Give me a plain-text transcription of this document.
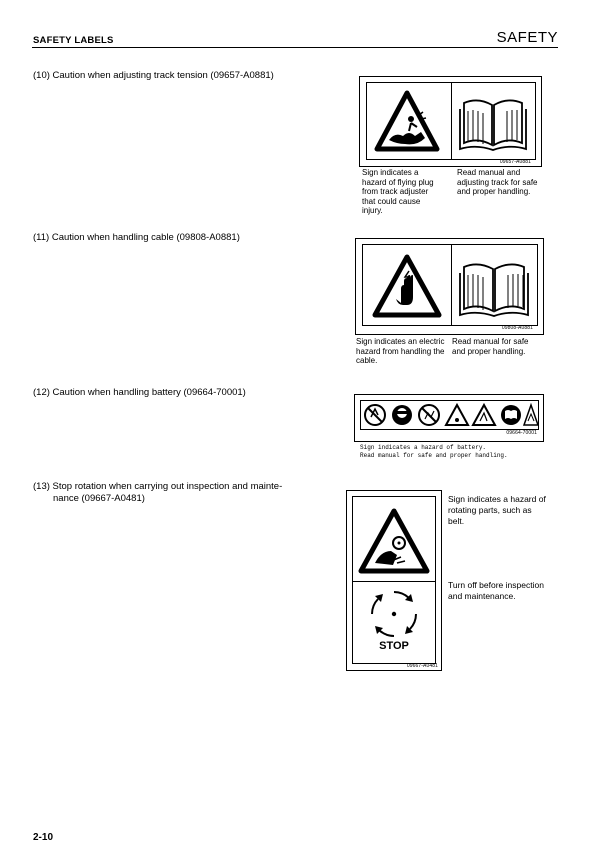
SAFETY LABELS	SAFETY
(10) Caution when adjusting track tension (09657-A0881)
09657-A0881
Sign indicates a hazard of flying plug from track adjuster that could cause injury.
Read manual and adjusting track for safe and proper handling.
(11) Caution when handling cable (09808-A0881)
09808-A0881
Sign indicates an electric hazard from handling the cable.
Read manual for safe and proper handling.
(12) Caution when handling battery (09664-70001)
09664-70001
Sign indicates a hazard of battery.
Read manual for safe and proper handling.
(13) Stop rotation when carrying out inspection and mainte-
nance (09667-A0481)
STOP
09667-A0481
Sign indicates a hazard of rotating parts, such as belt.
Turn off before inspection and maintenance.
2-10
